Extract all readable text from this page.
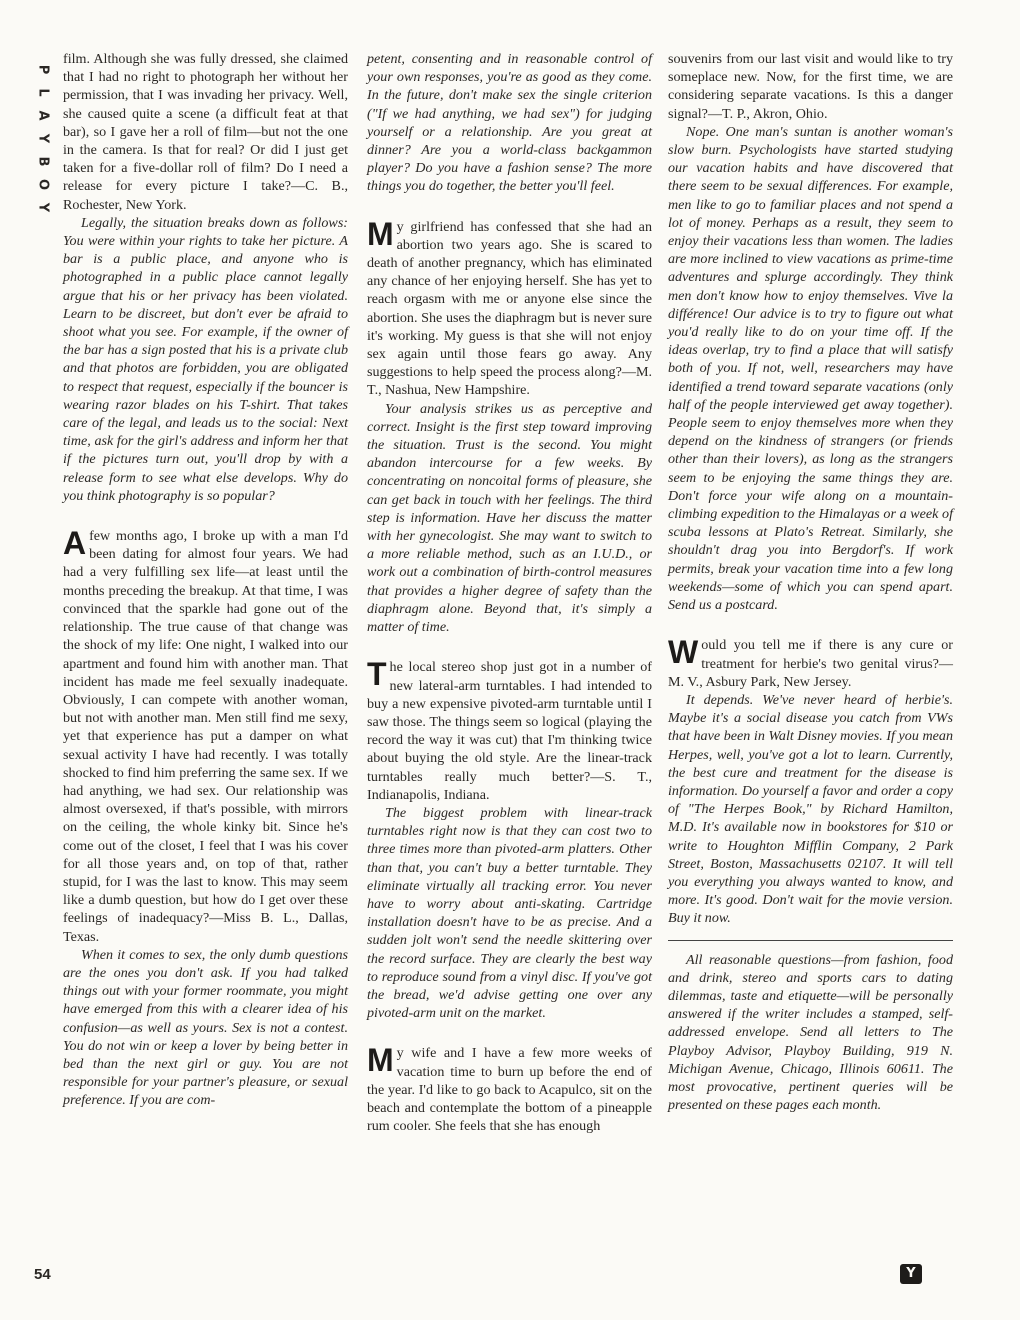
P
L
A
Y
B
O
Y
54

film. Although she was fully dressed, she claimed that I had no right to photograph her without her permission, that I was invading her privacy. Well, she caused quite a scene (a difficult feat at that bar), so I gave her a roll of film—but not the one in the camera. Is that for real? Or did I just get taken for a five-dollar roll of film? Do I need a release for every picture I take?—C. B., Rochester, New York.

Legally, the situation breaks down as follows: You were within your rights to take her picture. A bar is a public place, and anyone who is photographed in a public place cannot legally argue that his or her privacy has been violated. Learn to be discreet, but don't ever be afraid to shoot what you see. For example, if the owner of the bar has a sign posted that his is a private club and that photos are forbidden, you are obligated to respect that request, especially if the bouncer is wearing razor blades on his T-shirt. That takes care of the legal, and leads us to the social: Next time, ask for the girl's address and inform her that if the pictures turn out, you'll drop by with a release form to see what else develops. Why do you think photography is so popular?

A few months ago, I broke up with a man I'd been dating for almost four years. We had had a very fulfilling sex life—at least until the months preceding the breakup. At that time, I was convinced that the sparkle had gone out of the relationship. The true cause of that change was the shock of my life: One night, I walked into our apartment and found him with another man. That incident has made me feel sexually inadequate. Obviously, I can compete with another woman, but not with another man. Men still find me sexy, yet that experience has put a damper on what sexual activity I have had recently. I was totally shocked to find him preferring the same sex. If we had anything, we had sex. Our relationship was almost oversexed, if that's possible, with mirrors on the ceiling, the whole kinky bit. Since he's come out of the closet, I feel that I was his cover for all those years and, on top of that, rather stupid, for I was the last to know. This may seem like a dumb question, but how do I get over these feelings of inadequacy?—Miss B. L., Dallas, Texas.

When it comes to sex, the only dumb questions are the ones you don't ask. If you had talked things out with your former roommate, you might have emerged from this with a clearer idea of his confusion—as well as yours. Sex is not a contest. You do not win or keep a lover by being better in bed than the next girl or guy. You are not responsible for your partner's pleasure, or sexual preference. If you are com-

petent, consenting and in reasonable control of your own responses, you're as good as they come. In the future, don't make sex the single criterion ("If we had anything, we had sex") for judging yourself or a relationship. Are you great at dinner? Are you a world-class backgammon player? Do you have a fashion sense? The more things you do together, the better you'll feel.

My girlfriend has confessed that she had an abortion two years ago. She is scared to death of another pregnancy, which has eliminated any chance of her enjoying herself. She has yet to reach orgasm with me or anyone else since the abortion. She uses the diaphragm but is never sure it's working. My guess is that she will not enjoy sex again until those fears go away. Any suggestions to help speed the process along?—M. T., Nashua, New Hampshire.

Your analysis strikes us as perceptive and correct. Insight is the first step toward improving the situation. Trust is the second. You might abandon intercourse for a few weeks. By concentrating on noncoital forms of pleasure, she can get back in touch with her feelings. The third step is information. Have her discuss the matter with her gynecologist. She may want to switch to a more reliable method, such as an I.U.D., or work out a combination of birth-control measures that provides a higher degree of safety than the diaphragm alone. Beyond that, it's simply a matter of time.

The local stereo shop just got in a number of new lateral-arm turntables. I had intended to buy a new expensive pivoted-arm turntable until I saw those. The things seem so logical (playing the record the way it was cut) that I'm thinking twice about buying the old style. Are the linear-track turntables really much better?—S. T., Indianapolis, Indiana.

The biggest problem with linear-track turntables right now is that they can cost two to three times more than pivoted-arm platters. Other than that, you can't buy a better turntable. They eliminate virtually all tracking error. You never have to worry about anti-skating. Cartridge installation doesn't have to be as precise. And a sudden jolt won't send the needle skittering over the record surface. They are clearly the best way to reproduce sound from a vinyl disc. If you've got the bread, we'd advise getting one over any pivoted-arm unit on the market.

My wife and I have a few more weeks of vacation time to burn up before the end of the year. I'd like to go back to Acapulco, sit on the beach and contemplate the bottom of a pineapple rum cooler. She feels that she has enough

souvenirs from our last visit and would like to try someplace new. Now, for the first time, we are considering separate vacations. Is this a danger signal?—T. P., Akron, Ohio.

Nope. One man's suntan is another woman's slow burn. Psychologists have started studying our vacation habits and have discovered that there seem to be sexual differences. For example, men like to go to familiar places and not spend a lot of money. Perhaps as a result, they seem to enjoy their vacations less than women. The ladies are more inclined to view vacations as prime-time adventures and splurge accordingly. They think men don't know how to enjoy themselves. Vive la différence! Our advice is to try to figure out what you'd really like to do on your time off. If the ideas overlap, try to find a place that will satisfy both of you. If not, well, researchers may have identified a trend toward separate vacations (only half of the people interviewed get away together). People seem to enjoy themselves more when they depend on the kindness of strangers (or friends other than their lovers), as long as the strangers seem to be enjoying the same things they are. Don't force your wife along on a mountain-climbing expedition to the Himalayas or a week of scuba lessons at Plato's Retreat. Similarly, she shouldn't drag you into Bergdorf's. If work permits, break your vacation time into a few long weekends—some of which you can spend apart. Send us a postcard.

Would you tell me if there is any cure or treatment for herbie's two genital virus?—M. V., Asbury Park, New Jersey.

It depends. We've never heard of herbie's. Maybe it's a social disease you catch from VWs that have been in Walt Disney movies. If you mean Herpes, well, you've got a lot to learn. Currently, the best cure and treatment for the disease is information. Do yourself a favor and order a copy of "The Herpes Book," by Richard Hamilton, M.D. It's available now in bookstores for $10 or write to Houghton Mifflin Company, 2 Park Street, Boston, Massachusetts 02107. It will tell you everything you always wanted to know, and more. It's good. Don't wait for the movie version. Buy it now.

All reasonable questions—from fashion, food and drink, stereo and sports cars to dating dilemmas, taste and etiquette—will be personally answered if the writer includes a stamped, self-addressed envelope. Send all letters to The Playboy Advisor, Playboy Building, 919 N. Michigan Avenue, Chicago, Illinois 60611. The most provocative, pertinent queries will be presented on these pages each month.

Y
